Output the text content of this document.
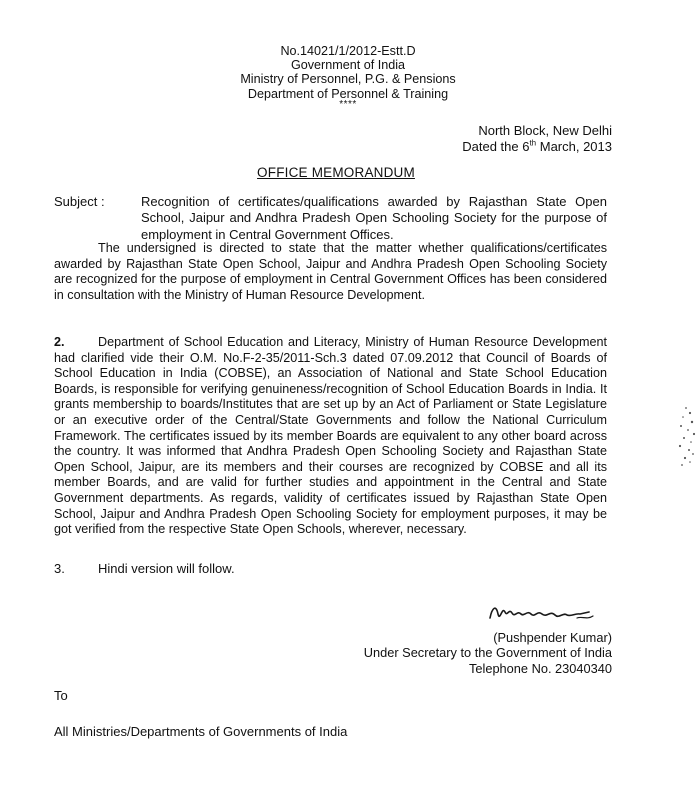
No.14021/1/2012-Estt.D
Government of India
Ministry of Personnel, P.G. & Pensions
Department of Personnel & Training
****
North Block, New Delhi
Dated the 6th March, 2013
OFFICE MEMORANDUM
Subject :	Recognition of certificates/qualifications awarded by Rajasthan State Open School, Jaipur and Andhra Pradesh Open Schooling Society for the purpose of employment in Central Government Offices.
The undersigned is directed to state that the matter whether qualifications/certificates awarded by Rajasthan State Open School, Jaipur and Andhra Pradesh Open Schooling Society are recognized for the purpose of employment in Central Government Offices has been considered in consultation with the Ministry of Human Resource Development.
2.	Department of School Education and Literacy, Ministry of Human Resource Development had clarified vide their O.M. No.F-2-35/2011-Sch.3 dated 07.09.2012 that Council of Boards of School Education in India (COBSE), an Association of National and State School Education Boards, is responsible for verifying genuineness/recognition of School Education Boards in India. It grants membership to boards/Institutes that are set up by an Act of Parliament or State Legislature or an executive order of the Central/State Governments and follow the National Curriculum Framework. The certificates issued by its member Boards are equivalent to any other board across the country. It was informed that Andhra Pradesh Open Schooling Society and Rajasthan State Open School, Jaipur, are its members and their courses are recognized by COBSE and all its member Boards, and are valid for further studies and appointment in the Central and State Government departments. As regards, validity of certificates issued by Rajasthan State Open School, Jaipur and Andhra Pradesh Open Schooling Society for employment purposes, it may be got verified from the respective State Open Schools, wherever, necessary.
3.	Hindi version will follow.
(Pushpender Kumar)
Under Secretary to the Government of India
Telephone No. 23040340
To
All Ministries/Departments of Governments of India
